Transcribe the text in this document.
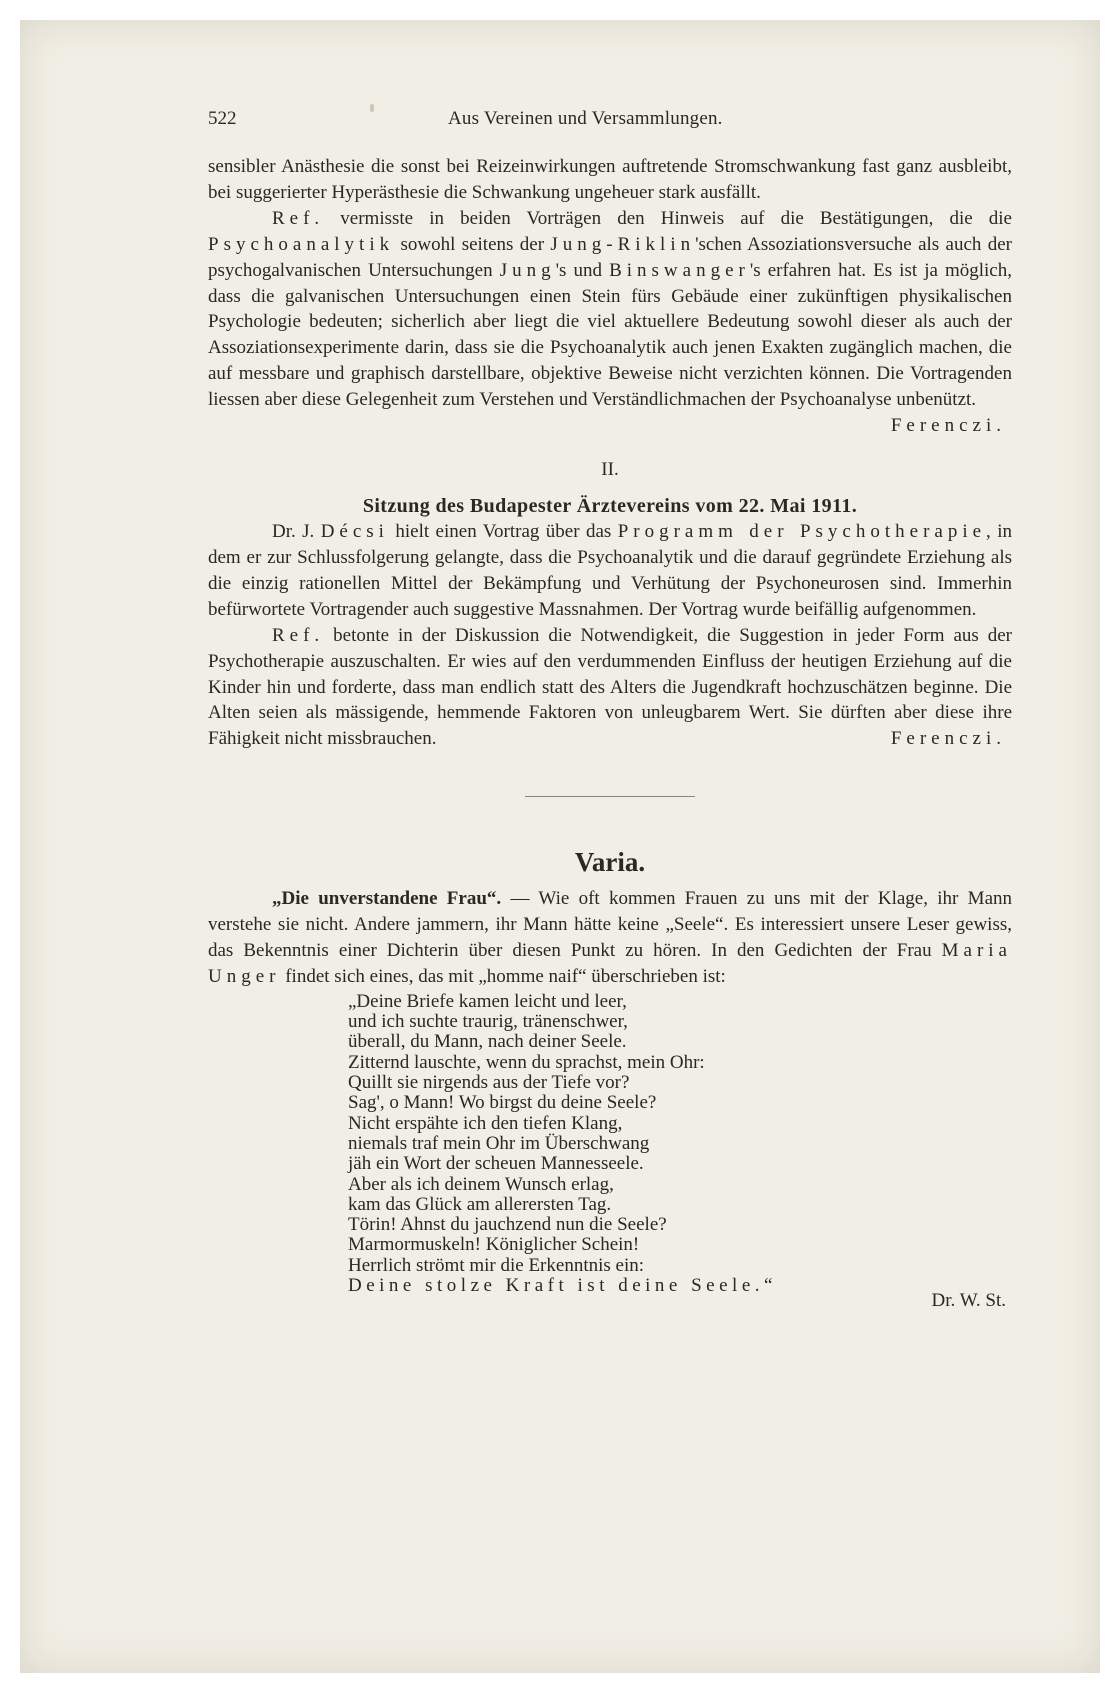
522	Aus Vereinen und Versammlungen.

sensibler Anästhesie die sonst bei Reizeinwirkungen auftretende Stromschwankung fast ganz ausbleibt, bei suggerierter Hyperästhesie die Schwankung ungeheuer stark ausfällt.

Ref. vermisste in beiden Vorträgen den Hinweis auf die Bestätigungen, die die Psychoanalytik sowohl seitens der Jung-Riklin'schen Assoziationsversuche als auch der psychogalvanischen Untersuchungen Jung's und Binswanger's erfahren hat. Es ist ja möglich, dass die galvanischen Untersuchungen einen Stein fürs Gebäude einer zukünftigen physikalischen Psychologie bedeuten; sicherlich aber liegt die viel aktuellere Bedeutung sowohl dieser als auch der Assoziationsexperimente darin, dass sie die Psychoanalytik auch jenen Exakten zugänglich machen, die auf messbare und graphisch darstellbare, objektive Beweise nicht verzichten können. Die Vortragenden liessen aber diese Gelegenheit zum Verstehen und Verständlichmachen der Psychoanalyse unbenützt.

Ferenczi.
II.
Sitzung des Budapester Ärztevereins vom 22. Mai 1911.

Dr. J. Décsi hielt einen Vortrag über das Programm der Psychotherapie, in dem er zur Schlussfolgerung gelangte, dass die Psychoanalytik und die darauf gegründete Erziehung als die einzig rationellen Mittel der Bekämpfung und Verhütung der Psychoneurosen sind. Immerhin befürwortete Vortragender auch suggestive Massnahmen. Der Vortrag wurde beifällig aufgenommen.

Ref. betonte in der Diskussion die Notwendigkeit, die Suggestion in jeder Form aus der Psychotherapie auszuschalten. Er wies auf den verdummenden Einfluss der heutigen Erziehung auf die Kinder hin und forderte, dass man endlich statt des Alters die Jugendkraft hochzuschätzen beginne. Die Alten seien als mässigende, hemmende Faktoren von unleugbarem Wert. Sie dürften aber diese ihre Fähigkeit nicht missbrauchen.	Ferenczi.

Varia.

„Die unverstandene Frau“. — Wie oft kommen Frauen zu uns mit der Klage, ihr Mann verstehe sie nicht. Andere jammern, ihr Mann hätte keine „Seele“. Es interessiert unsere Leser gewiss, das Bekenntnis einer Dichterin über diesen Punkt zu hören. In den Gedichten der Frau Maria Unger findet sich eines, das mit „homme naif“ überschrieben ist:

„Deine Briefe kamen leicht und leer,
und ich suchte traurig, tränenschwer,
überall, du Mann, nach deiner Seele.
Zitternd lauschte, wenn du sprachst, mein Ohr:
Quillt sie nirgends aus der Tiefe vor?
Sag', o Mann! Wo birgst du deine Seele?
Nicht erspähte ich den tiefen Klang,
niemals traf mein Ohr im Überschwang
jäh ein Wort der scheuen Mannesseele.
Aber als ich deinem Wunsch erlag,
kam das Glück am allerersten Tag.
Törin! Ahnst du jauchzend nun die Seele?
Marmormuskeln! Königlicher Schein!
Herrlich strömt mir die Erkenntnis ein:
Deine stolze Kraft ist deine Seele.“
Dr. W. St.
